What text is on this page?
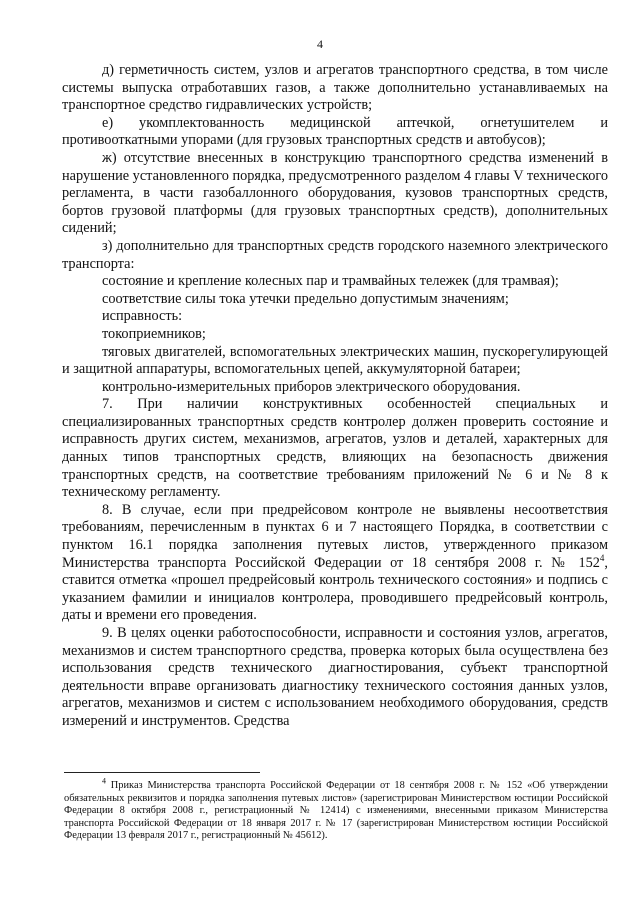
4

д) герметичность систем, узлов и агрегатов транспортного средства, в том числе системы выпуска отработавших газов, а также дополнительно устанавливаемых на транспортное средство гидравлических устройств;

е) укомплектованность медицинской аптечкой, огнетушителем и противооткатными упорами (для грузовых транспортных средств и автобусов);

ж) отсутствие внесенных в конструкцию транспортного средства изменений в нарушение установленного порядка, предусмотренного разделом 4 главы V технического регламента, в части газобаллонного оборудования, кузовов транспортных средств, бортов грузовой платформы (для грузовых транспортных средств), дополнительных сидений;

з) дополнительно для транспортных средств городского наземного электрического транспорта:

состояние и крепление колесных пар и трамвайных тележек (для трамвая);

соответствие силы тока утечки предельно допустимым значениям;

исправность:

токоприемников;

тяговых двигателей, вспомогательных электрических машин, пускорегулирующей и защитной аппаратуры, вспомогательных цепей, аккумуляторной батареи;

контрольно-измерительных приборов электрического оборудования.

7. При наличии конструктивных особенностей специальных и специализированных транспортных средств контролер должен проверить состояние и исправность других систем, механизмов, агрегатов, узлов и деталей, характерных для данных типов транспортных средств, влияющих на безопасность движения транспортных средств, на соответствие требованиям приложений № 6 и № 8 к техническому регламенту.

8. В случае, если при предрейсовом контроле не выявлены несоответствия требованиям, перечисленным в пунктах 6 и 7 настоящего Порядка, в соответствии с пунктом 16.1 порядка заполнения путевых листов, утвержденного приказом Министерства транспорта Российской Федерации от 18 сентября 2008 г. № $152^4$, ставится отметка «прошел предрейсовый контроль технического состояния» и подпись с указанием фамилии и инициалов контролера, проводившего предрейсовый контроль, даты и времени его проведения.

9. В целях оценки работоспособности, исправности и состояния узлов, агрегатов, механизмов и систем транспортного средства, проверка которых была осуществлена без использования средств технического диагностирования, субъект транспортной деятельности вправе организовать диагностику технического состояния данных узлов, агрегатов, механизмов и систем с использованием необходимого оборудования, средств измерений и инструментов. Средства

$^4$ Приказ Министерства транспорта Российской Федерации от 18 сентября 2008 г. № 152 «Об утверждении обязательных реквизитов и порядка заполнения путевых листов» (зарегистрирован Министерством юстиции Российской Федерации 8 октября 2008 г., регистрационный № 12414) с изменениями, внесенными приказом Министерства транспорта Российской Федерации от 18 января 2017 г. № 17 (зарегистрирован Министерством юстиции Российской Федерации 13 февраля 2017 г., регистрационный № 45612).
